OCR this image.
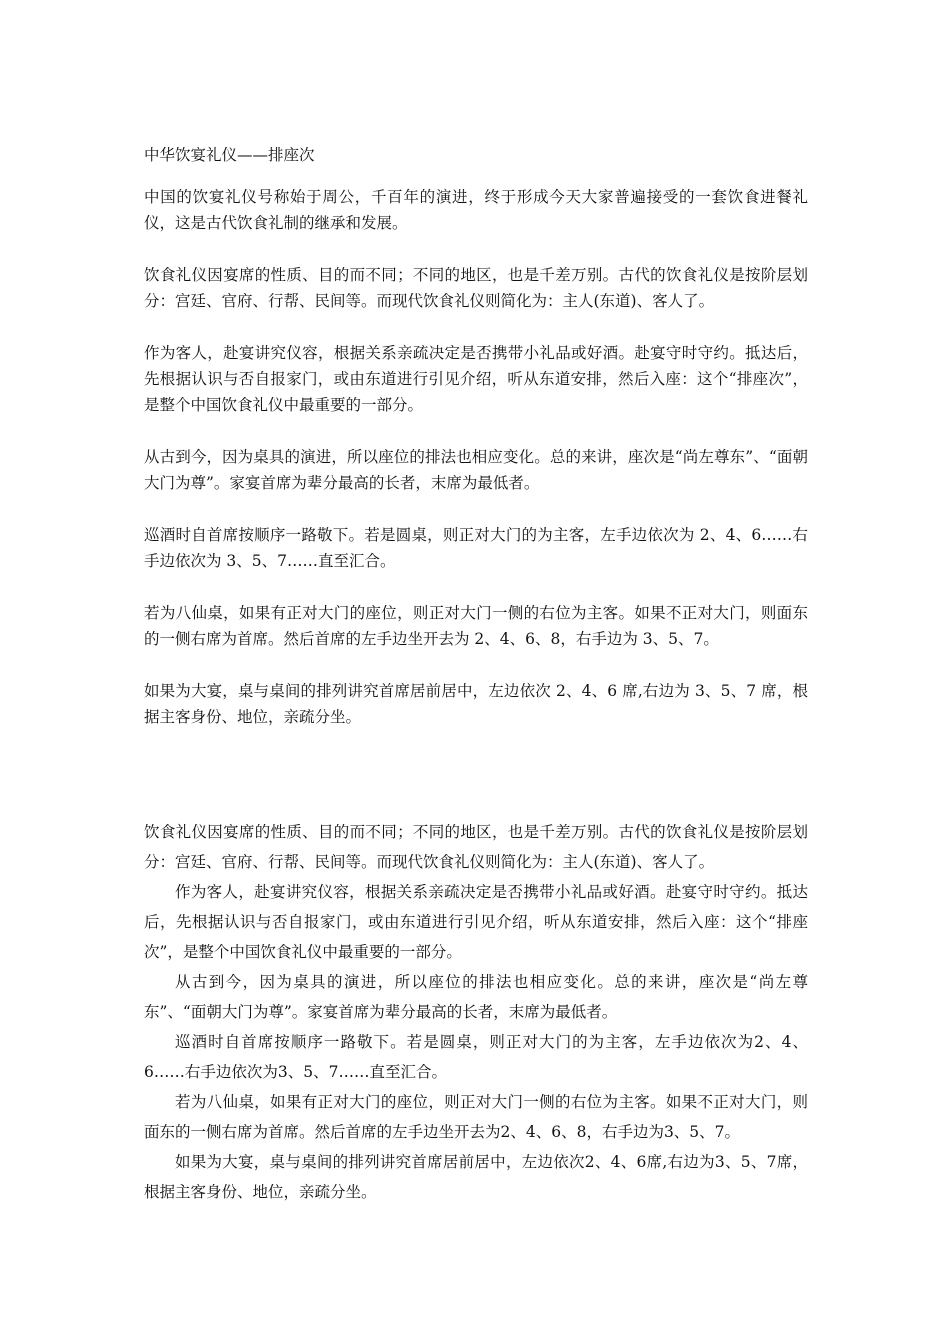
中华饮宴礼仪——排座次

中国的饮宴礼仪号称始于周公，千百年的演进，终于形成今天大家普遍接受的一套饮食进餐礼仪，这是古代饮食礼制的继承和发展。

饮食礼仪因宴席的性质、目的而不同；不同的地区，也是千差万别。古代的饮食礼仪是按阶层划分：宫廷、官府、行帮、民间等。而现代饮食礼仪则简化为：主人(东道)、客人了。

作为客人，赴宴讲究仪容，根据关系亲疏决定是否携带小礼品或好酒。赴宴守时守约。抵达后，先根据认识与否自报家门，或由东道进行引见介绍，听从东道安排，然后入座：这个“排座次”，是整个中国饮食礼仪中最重要的一部分。

从古到今，因为桌具的演进，所以座位的排法也相应变化。总的来讲，座次是“尚左尊东”、“面朝大门为尊”。家宴首席为辈分最高的长者，末席为最低者。

巡酒时自首席按顺序一路敬下。若是圆桌，则正对大门的为主客，左手边依次为 2、4、6……右手边依次为 3、5、7……直至汇合。

若为八仙桌，如果有正对大门的座位，则正对大门一侧的右位为主客。如果不正对大门，则面东的一侧右席为首席。然后首席的左手边坐开去为 2、4、6、8，右手边为 3、5、7。

如果为大宴，桌与桌间的排列讲究首席居前居中，左边依次 2、4、6 席,右边为 3、5、7 席，根据主客身份、地位，亲疏分坐。

饮食礼仪因宴席的性质、目的而不同；不同的地区，也是千差万别。古代的饮食礼仪是按阶层划分：宫廷、官府、行帮、民间等。而现代饮食礼仪则简化为：主人(东道)、客人了。

作为客人，赴宴讲究仪容，根据关系亲疏决定是否携带小礼品或好酒。赴宴守时守约。抵达后，先根据认识与否自报家门，或由东道进行引见介绍，听从东道安排，然后入座：这个“排座次”，是整个中国饮食礼仪中最重要的一部分。

从古到今，因为桌具的演进，所以座位的排法也相应变化。总的来讲，座次是“尚左尊东”、“面朝大门为尊”。家宴首席为辈分最高的长者，末席为最低者。

巡酒时自首席按顺序一路敬下。若是圆桌，则正对大门的为主客，左手边依次为2、4、6……右手边依次为3、5、7……直至汇合。

若为八仙桌，如果有正对大门的座位，则正对大门一侧的右位为主客。如果不正对大门，则面东的一侧右席为首席。然后首席的左手边坐开去为2、4、6、8，右手边为3、5、7。

如果为大宴，桌与桌间的排列讲究首席居前居中，左边依次2、4、6席,右边为3、5、7席，根据主客身份、地位，亲疏分坐。
